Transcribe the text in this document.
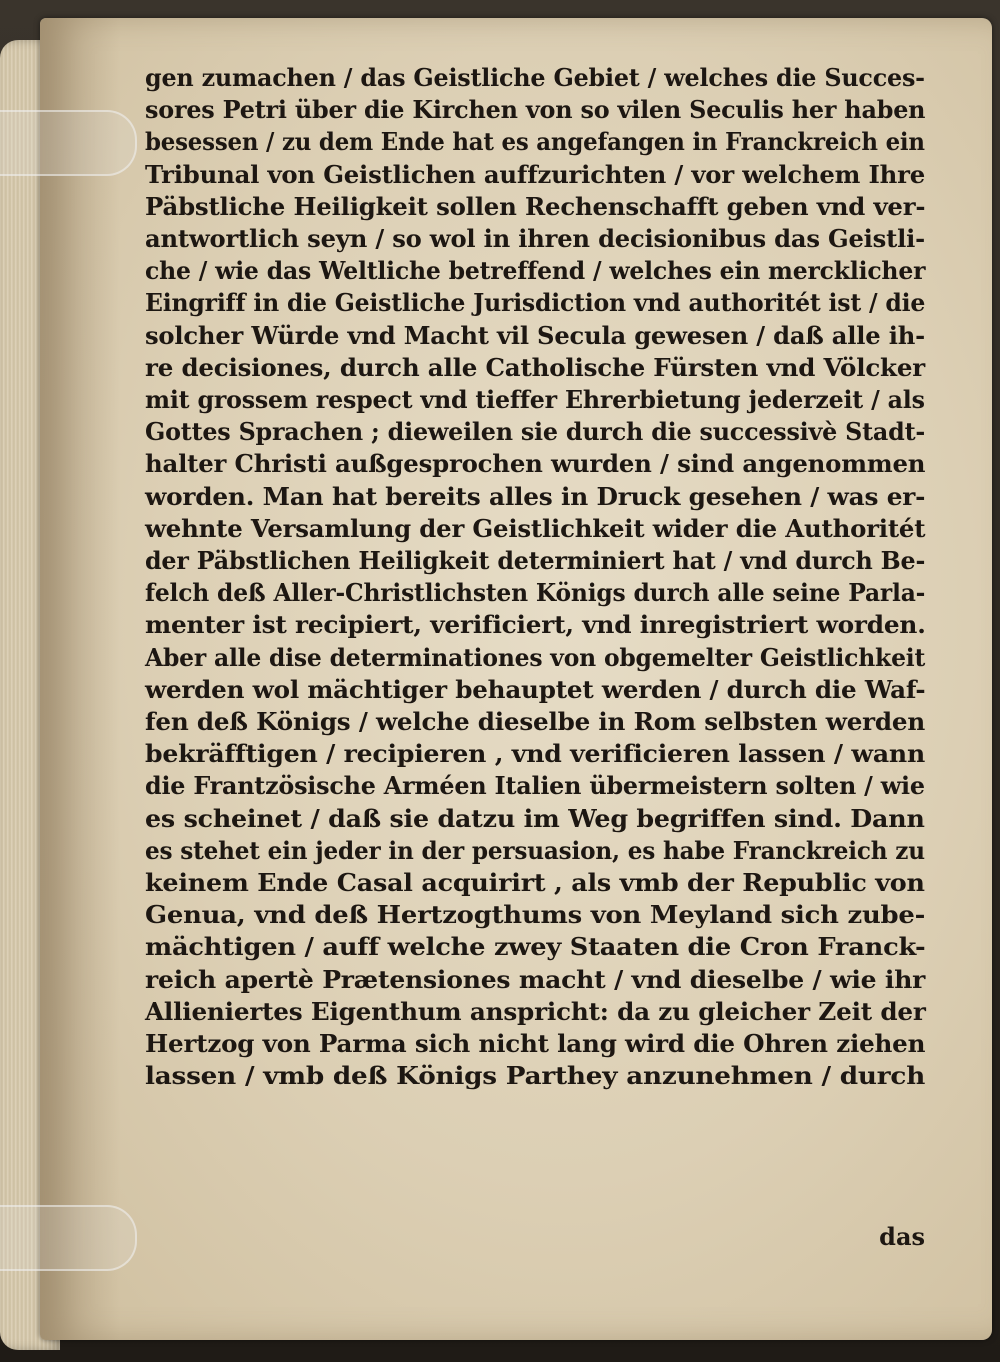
gen zumachen / das Geistliche Gebiet / welches die Succes-
sores Petri über die Kirchen von so vilen Seculis her haben
besessen / zu dem Ende hat es angefangen in Franckreich ein
Tribunal von Geistlichen auffzurichten / vor welchem Ihre
Päbstliche Heiligkeit sollen Rechenschafft geben vnd ver-
antwortlich seyn / so wol in ihren decisionibus das Geistli-
che / wie das Weltliche betreffend / welches ein mercklicher
Eingriff in die Geistliche Jurisdiction vnd authoritét ist / die
solcher Würde vnd Macht vil Secula gewesen / daß alle ih-
re decisiones, durch alle Catholische Fürsten vnd Völcker
mit grossem respect vnd tieffer Ehrerbietung jederzeit / als
Gottes Sprachen ; dieweilen sie durch die successivè Stadt-
halter Christi außgesprochen wurden / sind angenommen
worden. Man hat bereits alles in Druck gesehen / was er-
wehnte Versamlung der Geistlichkeit wider die Authoritét
der Päbstlichen Heiligkeit determiniert hat / vnd durch Be-
felch deß Aller-Christlichsten Königs durch alle seine Parla-
menter ist recipiert, verificiert, vnd inregistriert worden.
Aber alle dise determinationes von obgemelter Geistlichkeit
werden wol mächtiger behauptet werden / durch die Waf-
fen deß Königs / welche dieselbe in Rom selbsten werden
bekräfftigen / recipieren , vnd verificieren lassen / wann
die Frantzösische Arméen Italien übermeistern solten / wie
es scheinet / daß sie datzu im Weg begriffen sind. Dann
es stehet ein jeder in der persuasion, es habe Franckreich zu
keinem Ende Casal acquirirt , als vmb der Republic von
Genua, vnd deß Hertzogthums von Meyland sich zube-
mächtigen / auff welche zwey Staaten die Cron Franck-
reich apertè Prætensiones macht / vnd dieselbe / wie ihr
Allieniertes Eigenthum anspricht: da zu gleicher Zeit der
Hertzog von Parma sich nicht lang wird die Ohren ziehen
lassen / vmb deß Königs Parthey anzunehmen / durch
das
